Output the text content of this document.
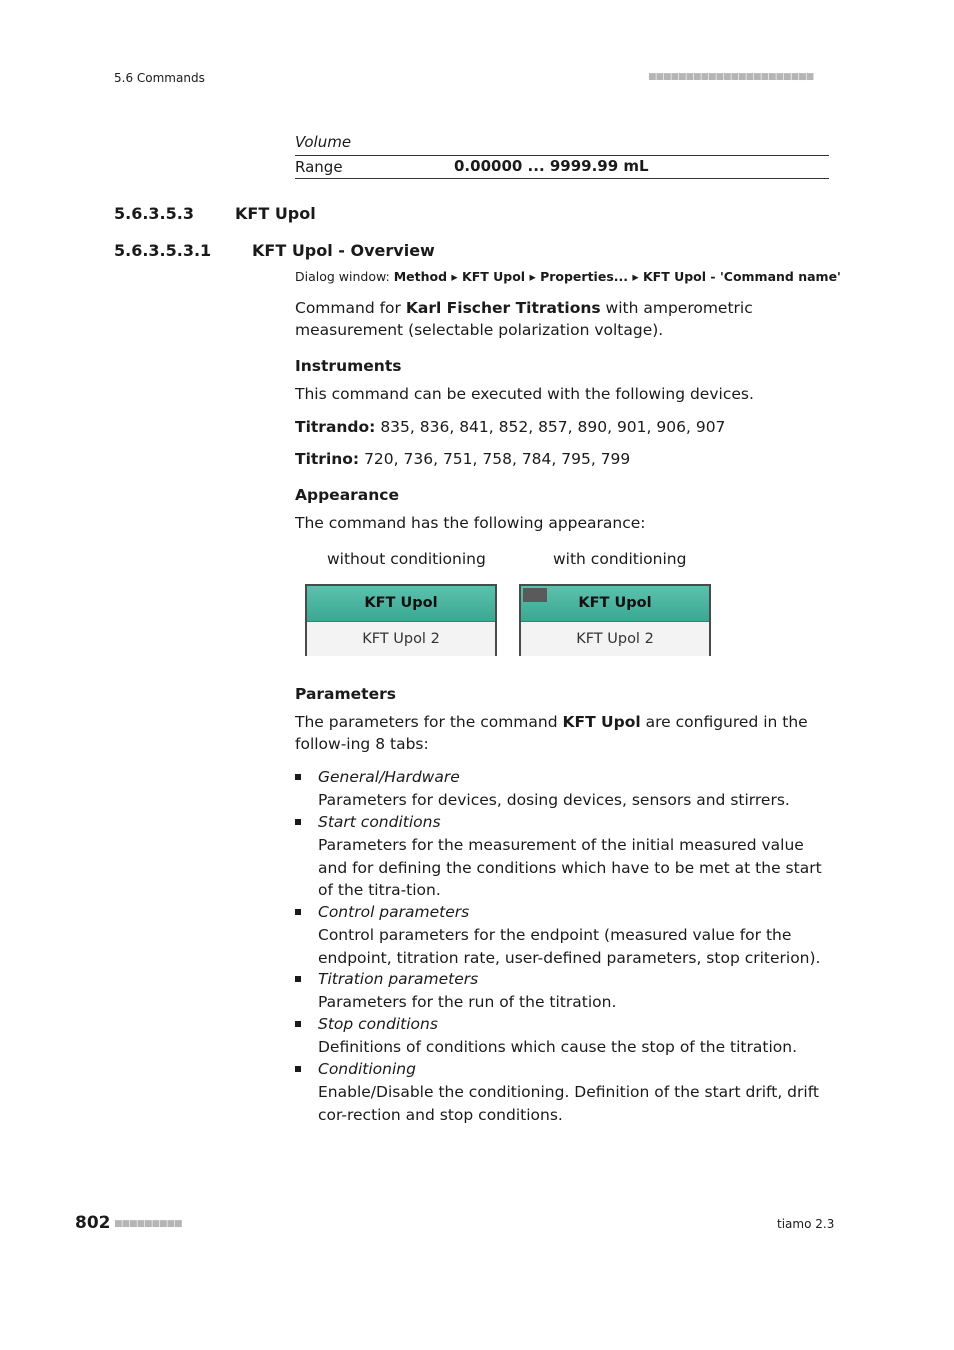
5.6 Commands	■■■■■■■■■■■■■■■■■■■■■■
Volume
Range	0.00000 ... 9999.99 mL
5.6.3.5.3	KFT Upol
5.6.3.5.3.1	KFT Upol - Overview
Dialog window: Method ▸ KFT Upol ▸ Properties... ▸ KFT Upol - 'Command name'
Command for Karl Fischer Titrations with amperometric measurement (selectable polarization voltage).
Instruments
This command can be executed with the following devices.
Titrando: 835, 836, 841, 852, 857, 890, 901, 906, 907
Titrino: 720, 736, 751, 758, 784, 795, 799
Appearance
The command has the following appearance:
without conditioning	with conditioning
KFT Upol
KFT Upol 2
KFT Upol
KFT Upol 2
Parameters
The parameters for the command KFT Upol are configured in the follow-ing 8 tabs:
General/Hardware
Parameters for devices, dosing devices, sensors and stirrers.
Start conditions
Parameters for the measurement of the initial measured value and for defining the conditions which have to be met at the start of the titra-tion.
Control parameters
Control parameters for the endpoint (measured value for the endpoint, titration rate, user-defined parameters, stop criterion).
Titration parameters
Parameters for the run of the titration.
Stop conditions
Definitions of conditions which cause the stop of the titration.
Conditioning
Enable/Disable the conditioning. Definition of the start drift, drift cor-rection and stop conditions.
802 ■■■■■■■■■	tiamo 2.3
